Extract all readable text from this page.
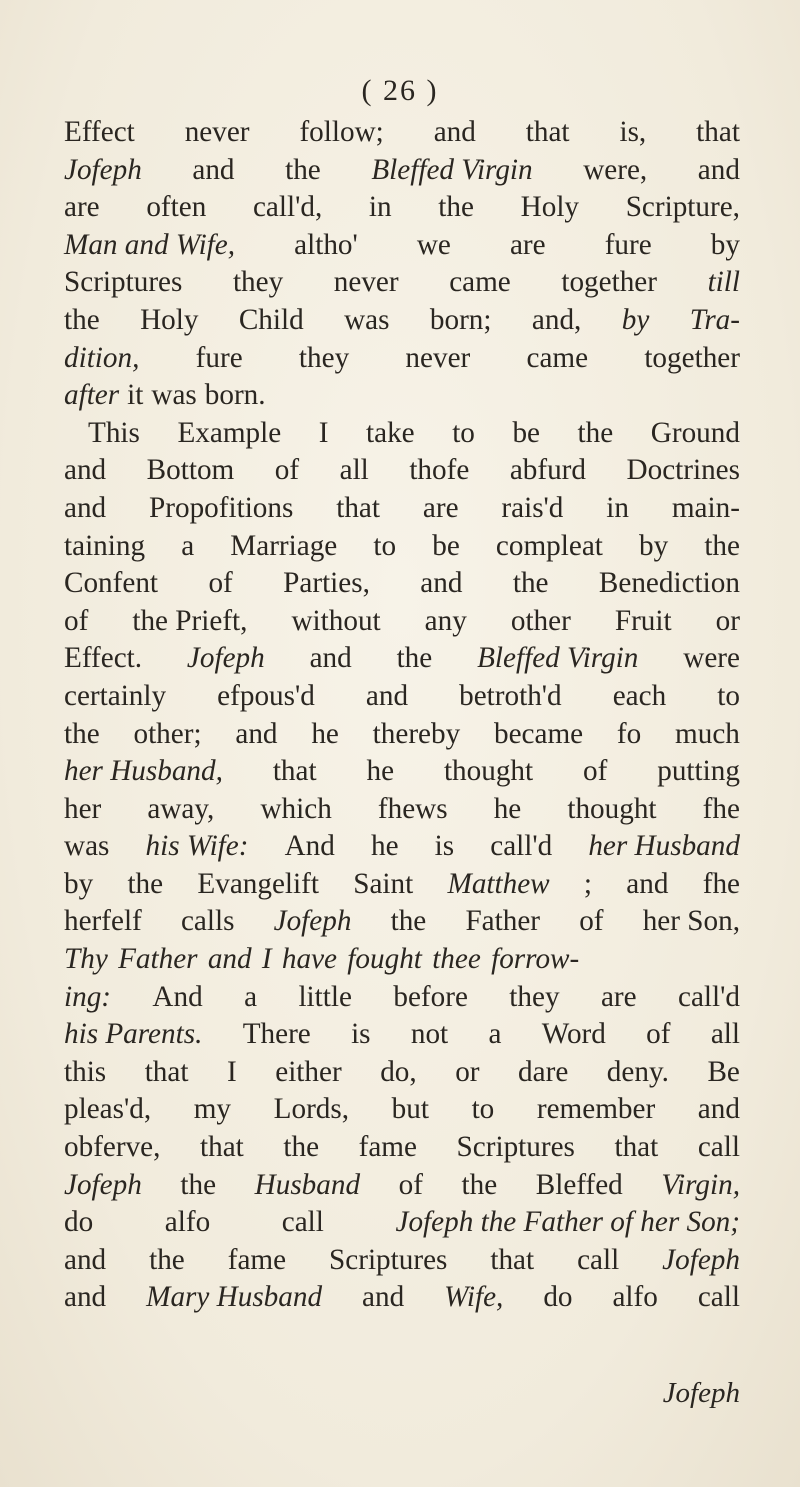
( 26 )
Effect never follow; and that is, that
Jofeph and the Bleffed Virgin were, and
are often call'd, in the Holy Scripture,
Man and Wife, altho' we are fure by
Scriptures they never came together till
the Holy Child was born; and, by Tra-
dition, fure they never came together
after it was born.
This Example I take to be the Ground
and Bottom of all thofe abfurd Doctrines
and Propofitions that are rais'd in main-
taining a Marriage to be compleat by the
Confent of Parties, and the Benediction
of the Prieft, without any other Fruit or
Effect. Jofeph and the Bleffed Virgin were
certainly efpous'd and betroth'd each to
the other; and he thereby became fo much
her Husband, that he thought of putting
her away, which fhews he thought fhe
was his Wife: And he is call'd her Husband
by the Evangelift Saint Matthew ; and fhe
herfelf calls Jofeph the Father of her Son,
Thy Father and I have fought thee forrow-
ing: And a little before they are call'd
his Parents. There is not a Word of all
this that I either do, or dare deny. Be
pleas'd, my Lords, but to remember and
obferve, that the fame Scriptures that call
Jofeph the Husband of the Bleffed Virgin,
do alfo call Jofeph the Father of her Son;
and the fame Scriptures that call Jofeph
and Mary Husband and Wife, do alfo call
Jofeph
